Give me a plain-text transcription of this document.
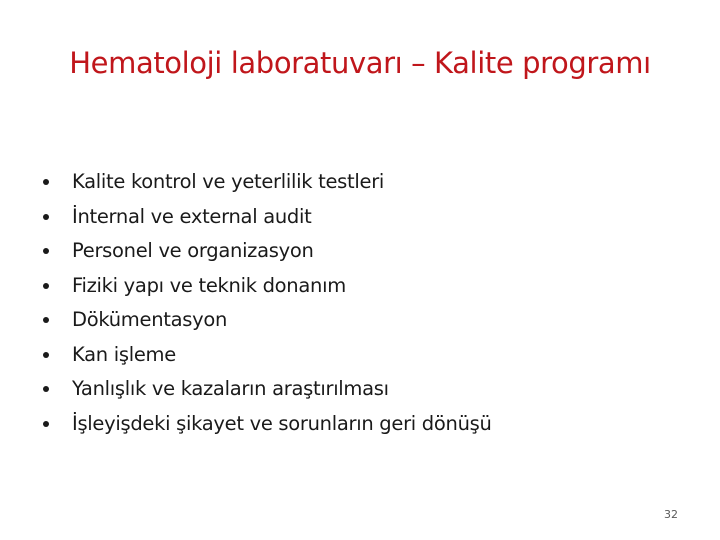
Hematoloji laboratuvarı – Kalite programı
Kalite kontrol ve yeterlilik testleri
İnternal ve external audit
Personel ve organizasyon
Fiziki yapı ve teknik donanım
Dökümentasyon
Kan işleme
Yanlışlık ve kazaların araştırılması
İşleyişdeki şikayet ve sorunların geri dönüşü
32
